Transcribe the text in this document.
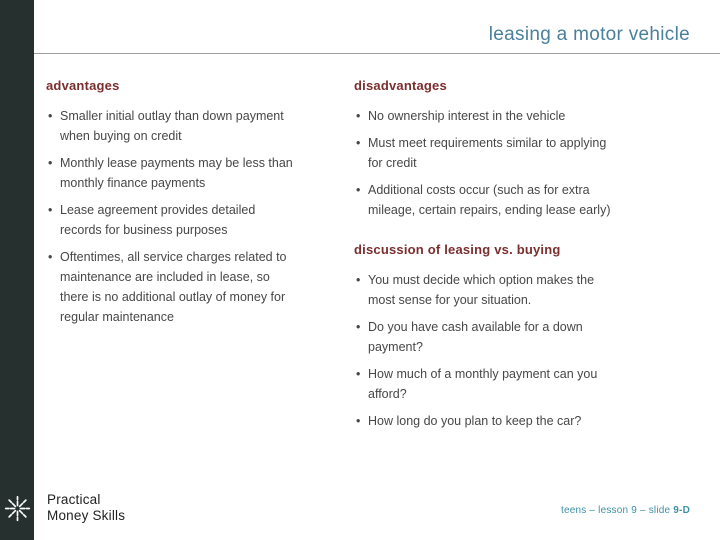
leasing a motor vehicle
advantages
• Smaller initial outlay than down payment when buying on credit
• Monthly lease payments may be less than monthly finance payments
• Lease agreement provides detailed records for business purposes
• Oftentimes, all service charges related to maintenance are included in lease, so there is no additional outlay of money for regular maintenance
disadvantages
• No ownership interest in the vehicle
• Must meet requirements similar to applying for credit
• Additional costs occur (such as for extra mileage, certain repairs, ending lease early)
discussion of leasing vs. buying
• You must decide which option makes the most sense for your situation.
• Do you have cash available for a down payment?
• How much of a monthly payment can you afford?
• How long do you plan to keep the car?
Practical
Money Skills	teens – lesson 9 – slide 9-D
